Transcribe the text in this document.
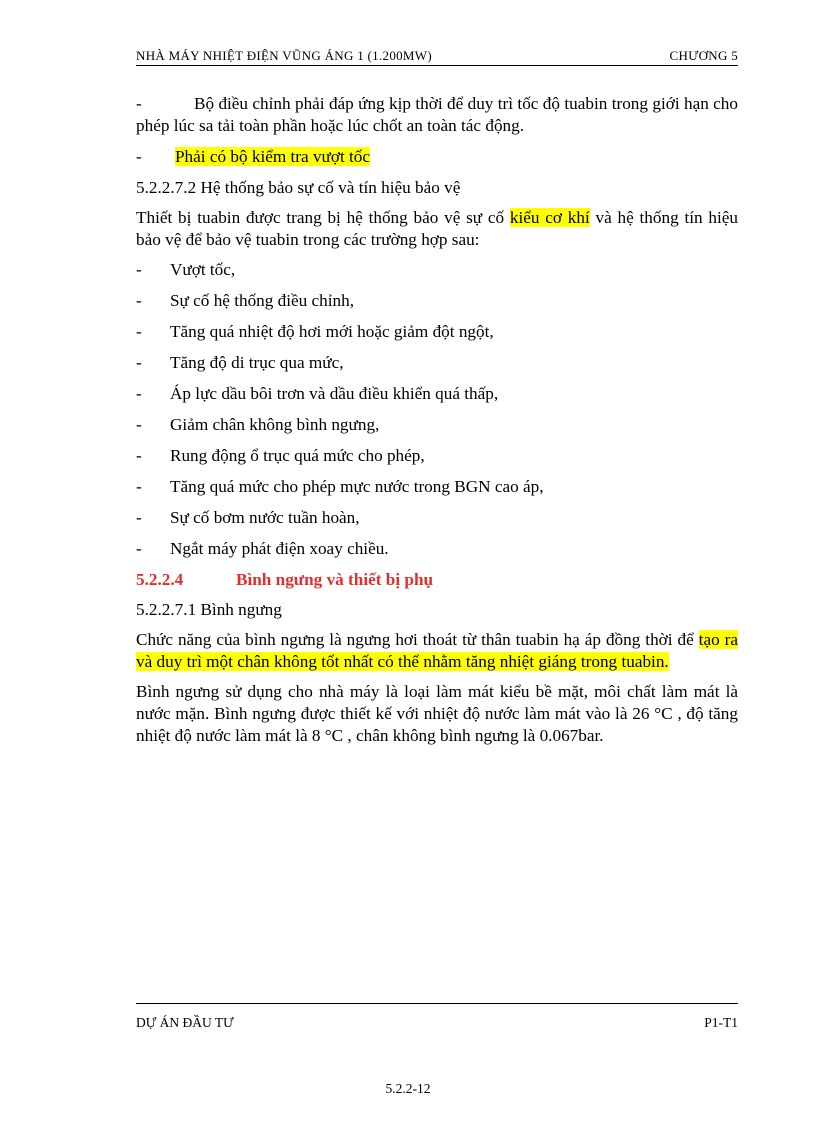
NHÀ MÁY NHIỆT ĐIỆN VŨNG ÁNG 1 (1.200MW)	CHƯƠNG 5
-	Bộ điều chỉnh phải đáp ứng kịp thời để duy trì tốc độ tuabin trong giới hạn cho phép lúc sa tải toàn phần hoặc lúc chốt an toàn tác động.
-	Phải có bộ kiểm tra vượt tốc

5.2.2.7.2 Hệ thống bảo sự cố và tín hiệu bảo vệ

Thiết bị tuabin được trang bị hệ thống bảo vệ sự cố kiểu cơ khí và hệ thống tín hiệu bảo vệ để bảo vệ tuabin trong các trường hợp sau:

-	Vượt tốc,
-	Sự cố hệ thống điều chỉnh,
-	Tăng quá nhiệt độ hơi mới hoặc giảm đột ngột,
-	Tăng độ di trục qua mức,
-	Áp lực dầu bôi trơn và dầu điều khiển quá thấp,
-	Giảm chân không bình ngưng,
-	Rung động ổ trục quá mức cho phép,
-	Tăng quá mức cho phép mực nước trong BGN cao áp,
-	Sự cố bơm nước tuần hoàn,
-	Ngắt máy phát điện xoay chiều.
5.2.2.4	Bình ngưng và thiết bị phụ

5.2.2.7.1 Bình ngưng

Chức năng của bình ngưng là ngưng hơi thoát từ thân tuabin hạ áp đồng thời để tạo ra và duy trì một chân không tốt nhất có thể nhằm tăng nhiệt giáng trong tuabin.

Bình ngưng sử dụng cho nhà máy là loại làm mát kiểu bề mặt, môi chất làm mát là nước mặn. Bình ngưng được thiết kế với nhiệt độ nước làm mát vào là 26 °C , độ tăng nhiệt độ nước làm mát là 8 °C , chân không bình ngưng là 0.067bar.

DỰ ÁN ĐẦU TƯ	P1-T1
5.2.2-12
